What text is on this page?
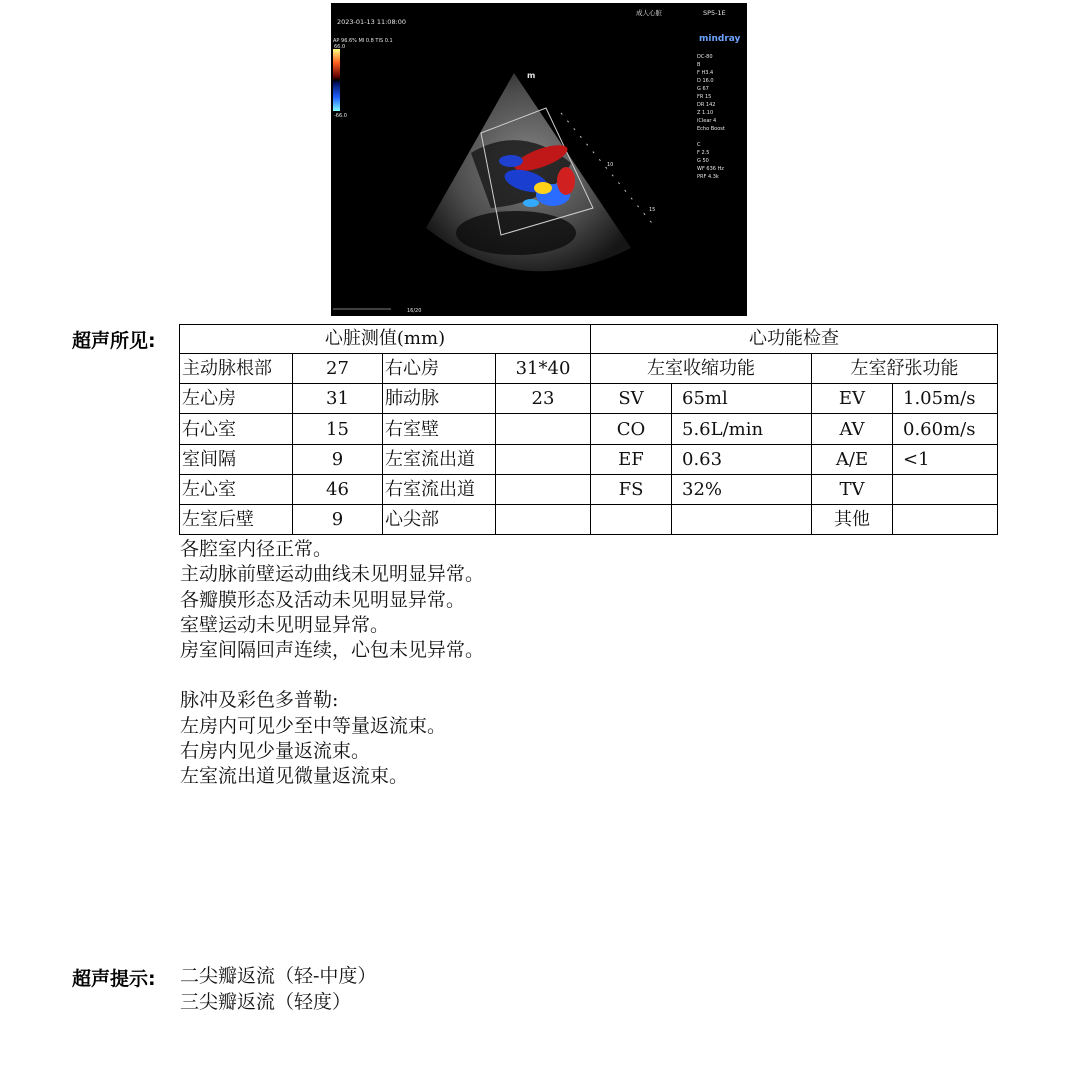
2023-01-13 11:08:00
成人心脏	SP5-1E
mindray
AP 96.6% MI 0.8 TIS 0.1
66.0
-66.0
m
10
15
16/20
DC-80
B
F H3.4
D 16.0
G 67
FR 15
DR 142
Z 1.10
iClear 4
Echo Boost
C
F 2.5
G 50
WF 636 Hz
PRF 4.3k
超声所见:	心脏测值(mm)				心功能检查			
主动脉根部	27	右心房	31*40	左室收缩功能		左室舒张功能	
左心房	31	肺动脉	23	SV	65ml	EV	1.05m/s
右心室	15	右室壁		CO	5.6L/min	AV	0.60m/s
室间隔	9	左室流出道		EF	0.63	A/E	<1
左心室	46	右室流出道		FS	32%	TV	
左室后壁	9	心尖部				其他	
各腔室内径正常。
主动脉前壁运动曲线未见明显异常。
各瓣膜形态及活动未见明显异常。
室壁运动未见明显异常。
房室间隔回声连续，心包未见异常。
脉冲及彩色多普勒:
左房内可见少至中等量返流束。
右房内见少量返流束。
左室流出道见微量返流束。
超声提示: 二尖瓣返流（轻-中度）
三尖瓣返流（轻度）
